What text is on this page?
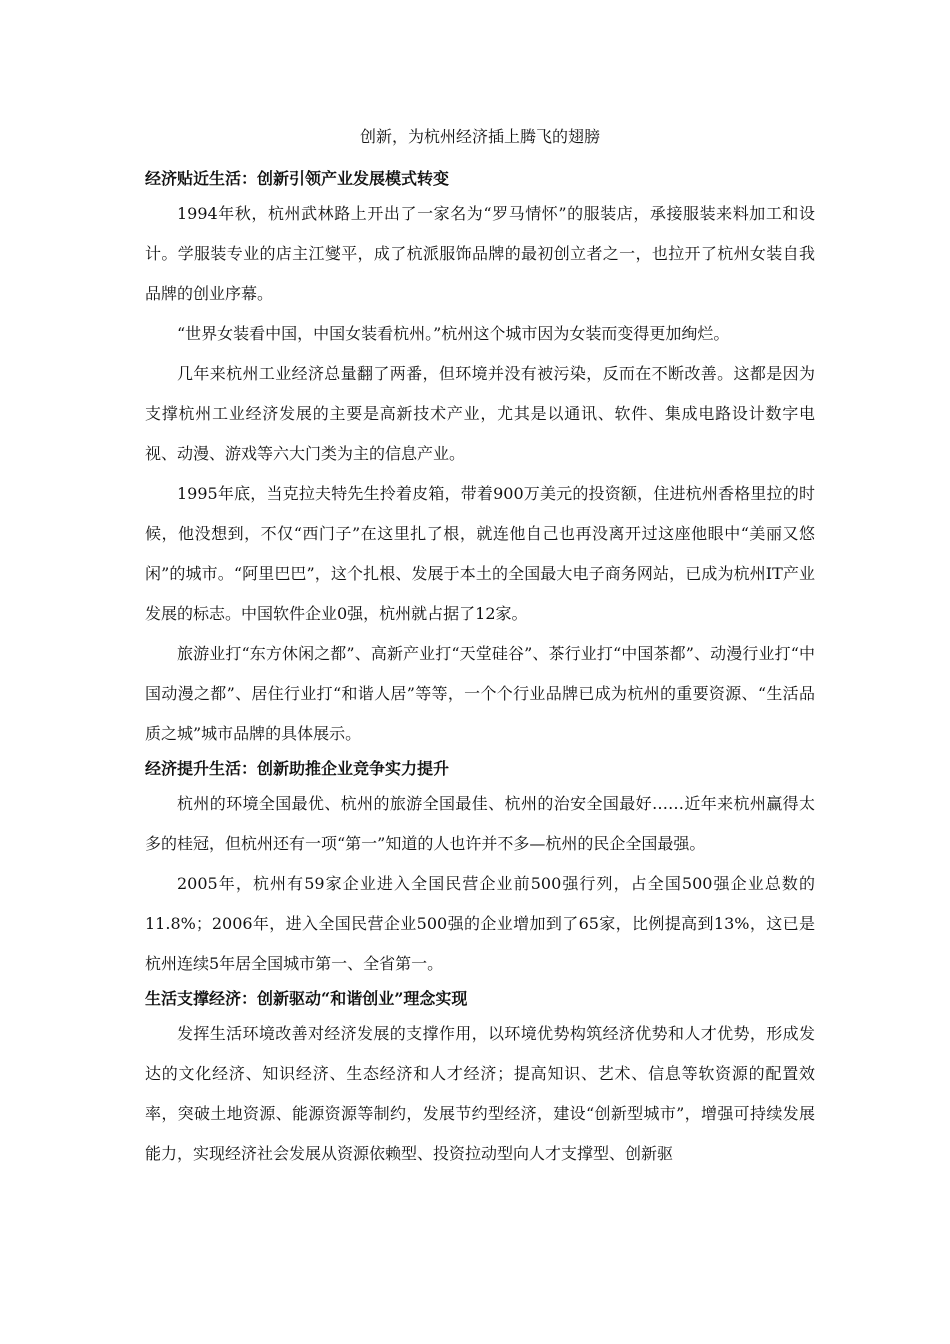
创新，为杭州经济插上腾飞的翅膀
经济贴近生活：创新引领产业发展模式转变

1994年秋，杭州武林路上开出了一家名为“罗马情怀”的服装店，承接服装来料加工和设计。学服装专业的店主江燮平，成了杭派服饰品牌的最初创立者之一，也拉开了杭州女装自我品牌的创业序幕。

“世界女装看中国，中国女装看杭州。”杭州这个城市因为女装而变得更加绚烂。

几年来杭州工业经济总量翻了两番，但环境并没有被污染，反而在不断改善。这都是因为支撑杭州工业经济发展的主要是高新技术产业，尤其是以通讯、软件、集成电路设计数字电视、动漫、游戏等六大门类为主的信息产业。

1995年底，当克拉夫特先生拎着皮箱，带着900万美元的投资额，住进杭州香格里拉的时候，他没想到，不仅“西门子”在这里扎了根，就连他自己也再没离开过这座他眼中“美丽又悠闲”的城市。“阿里巴巴”，这个扎根、发展于本土的全国最大电子商务网站，已成为杭州IT产业发展的标志。中国软件企业0强，杭州就占据了12家。

旅游业打“东方休闲之都”、高新产业打“天堂硅谷”、茶行业打“中国茶都”、动漫行业打“中国动漫之都”、居住行业打“和谐人居”等等，一个个行业品牌已成为杭州的重要资源、“生活品质之城”城市品牌的具体展示。

经济提升生活：创新助推企业竞争实力提升

杭州的环境全国最优、杭州的旅游全国最佳、杭州的治安全国最好……近年来杭州赢得太多的桂冠，但杭州还有一项“第一”知道的人也许并不多—杭州的民企全国最强。

2005年，杭州有59家企业进入全国民营企业前500强行列，占全国500强企业总数的11.8%；2006年，进入全国民营企业500强的企业增加到了65家，比例提高到13%，这已是杭州连续5年居全国城市第一、全省第一。

生活支撑经济：创新驱动“和谐创业”理念实现

发挥生活环境改善对经济发展的支撑作用，以环境优势构筑经济优势和人才优势，形成发达的文化经济、知识经济、生态经济和人才经济；提高知识、艺术、信息等软资源的配置效率，突破土地资源、能源资源等制约，发展节约型经济，建设“创新型城市”，增强可持续发展能力，实现经济社会发展从资源依赖型、投资拉动型向人才支撑型、创新驱
